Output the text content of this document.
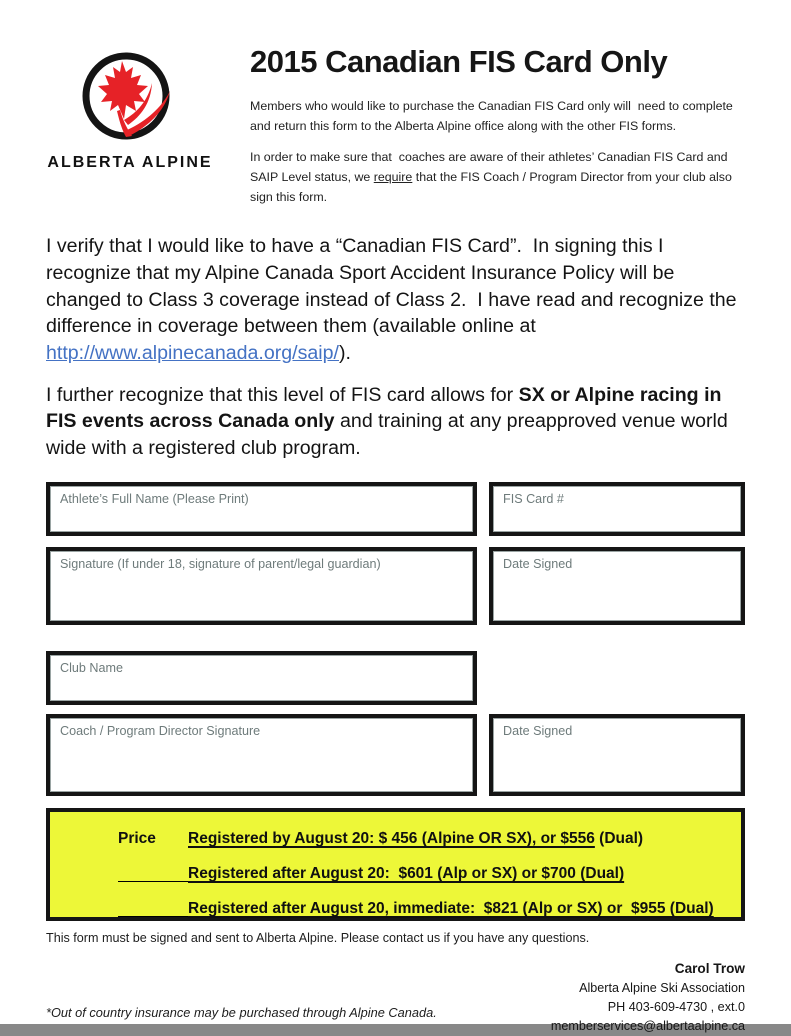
ALBERTA ALPINE
2015 Canadian FIS Card Only

Members who would like to purchase the Canadian FIS Card only will  need to complete and return this form to the Alberta Alpine office along with the other FIS forms.

In order to make sure that  coaches are aware of their athletes’ Canadian FIS Card and SAIP Level status, we require that the FIS Coach / Program Director from your club also sign this form.

I verify that I would like to have a “Canadian FIS Card”.  In signing this I recognize that my Alpine Canada Sport Accident Insurance Policy will be changed to Class 3 coverage instead of Class 2.  I have read and recognize the difference in coverage between them (available online at http://www.alpinecanada.org/saip/).

I further recognize that this level of FIS card allows for SX or Alpine racing in FIS events across Canada only and training at any preapproved venue world wide with a registered club program.

Athlete’s Full Name (Please Print)	FIS Card #
Signature (If under 18, signature of parent/legal guardian)	Date Signed
Club Name
Coach / Program Director Signature	Date Signed
Price	Registered by August 20: $ 456 (Alpine OR SX), or $556 (Dual)
Registered after August 20:  $601 (Alp or SX) or $700 (Dual)
Registered after August 20, immediate:  $821 (Alp or SX) or  $955 (Dual)
This form must be signed and sent to Alberta Alpine. Please contact us if you have any questions.
*Out of country insurance may be purchased through Alpine Canada.
Carol Trow
Alberta Alpine Ski Association
PH 403-609-4730 , ext.0
memberservices@albertaalpine.ca
